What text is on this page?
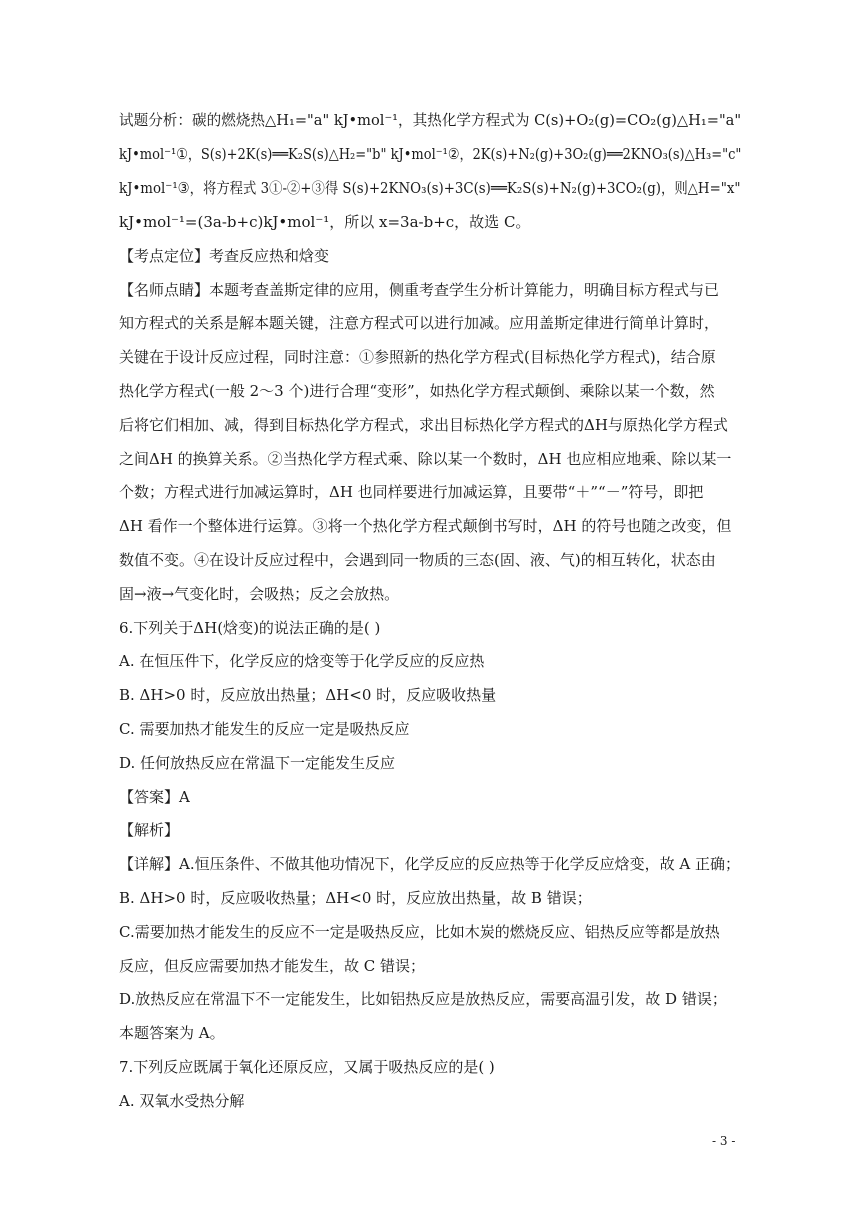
试题分析：碳的燃烧热△H₁="a" kJ•mol⁻¹，其热化学方程式为 C(s)+O₂(g)=CO₂(g)△H₁="a"
kJ•mol⁻¹①，S(s)+2K(s)══K₂S(s)△H₂="b" kJ•mol⁻¹②，2K(s)+N₂(g)+3O₂(g)══2KNO₃(s)△H₃="c"
kJ•mol⁻¹③，将方程式 3①-②+③得 S(s)+2KNO₃(s)+3C(s)══K₂S(s)+N₂(g)+3CO₂(g)，则△H="x"
kJ•mol⁻¹=(3a-b+c)kJ•mol⁻¹，所以 x=3a-b+c，故选 C。
【考点定位】考查反应热和焓变
【名师点睛】本题考查盖斯定律的应用，侧重考查学生分析计算能力，明确目标方程式与已
知方程式的关系是解本题关键，注意方程式可以进行加减。应用盖斯定律进行简单计算时，
关键在于设计反应过程，同时注意：①参照新的热化学方程式(目标热化学方程式)，结合原
热化学方程式(一般 2～3 个)进行合理“变形”，如热化学方程式颠倒、乘除以某一个数，然
后将它们相加、减，得到目标热化学方程式，求出目标热化学方程式的ΔH与原热化学方程式
之间ΔH 的换算关系。②当热化学方程式乘、除以某一个数时，ΔH 也应相应地乘、除以某一
个数；方程式进行加减运算时，ΔH 也同样要进行加减运算，且要带“＋”“－”符号，即把
ΔH 看作一个整体进行运算。③将一个热化学方程式颠倒书写时，ΔH 的符号也随之改变，但
数值不变。④在设计反应过程中，会遇到同一物质的三态(固、液、气)的相互转化，状态由
固→液→气变化时，会吸热；反之会放热。
6.下列关于ΔH(焓变)的说法正确的是( )
A. 在恒压件下，化学反应的焓变等于化学反应的反应热
B. ΔH>0 时，反应放出热量；ΔH<0 时，反应吸收热量
C. 需要加热才能发生的反应一定是吸热反应
D. 任何放热反应在常温下一定能发生反应
【答案】A
【解析】
【详解】A.恒压条件、不做其他功情况下，化学反应的反应热等于化学反应焓变，故 A 正确；
B. ΔH>0 时，反应吸收热量；ΔH<0 时，反应放出热量，故 B 错误；
C.需要加热才能发生的反应不一定是吸热反应，比如木炭的燃烧反应、铝热反应等都是放热
反应，但反应需要加热才能发生，故 C 错误；
D.放热反应在常温下不一定能发生，比如铝热反应是放热反应，需要高温引发，故 D 错误；
本题答案为 A。
7.下列反应既属于氧化还原反应，又属于吸热反应的是( )
A. 双氧水受热分解
- 3 -
